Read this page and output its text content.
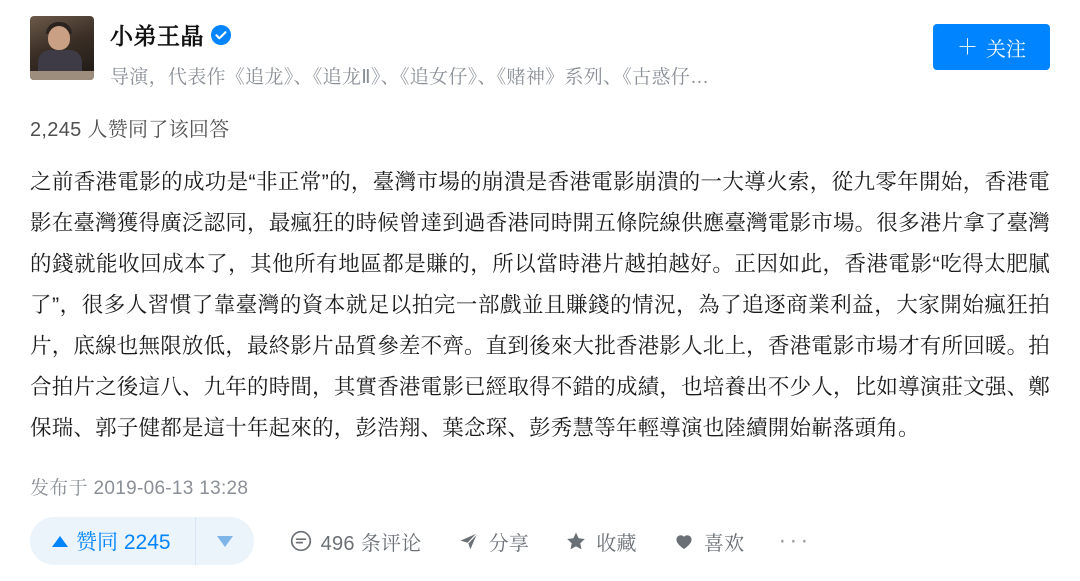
小弟王晶
导演，代表作《追龙》、《追龙Ⅱ》、《追女仔》、《赌神》系列、《古惑仔…
＋ 关注
2,245 人赞同了该回答
之前香港電影的成功是“非正常”的，臺灣市場的崩潰是香港電影崩潰的一大導火索，從九零年開始，香港電影在臺灣獲得廣泛認同，最瘋狂的時候曾達到過香港同時開五條院線供應臺灣電影市場。很多港片拿了臺灣的錢就能收回成本了，其他所有地區都是賺的，所以當時港片越拍越好。正因如此，香港電影“吃得太肥膩了”，很多人習慣了靠臺灣的資本就足以拍完一部戲並且賺錢的情況，為了追逐商業利益，大家開始瘋狂拍片，底線也無限放低，最終影片品質參差不齊。直到後來大批香港影人北上，香港電影市場才有所回暖。拍合拍片之後這八、九年的時間，其實香港電影已經取得不錯的成績，也培養出不少人，比如導演莊文强、鄭保瑞、郭子健都是這十年起來的，彭浩翔、葉念琛、彭秀慧等年輕導演也陸續開始嶄落頭角。
发布于 2019-06-13 13:28
赞同 2245	496 条评论	分享	收藏	喜欢 ···
